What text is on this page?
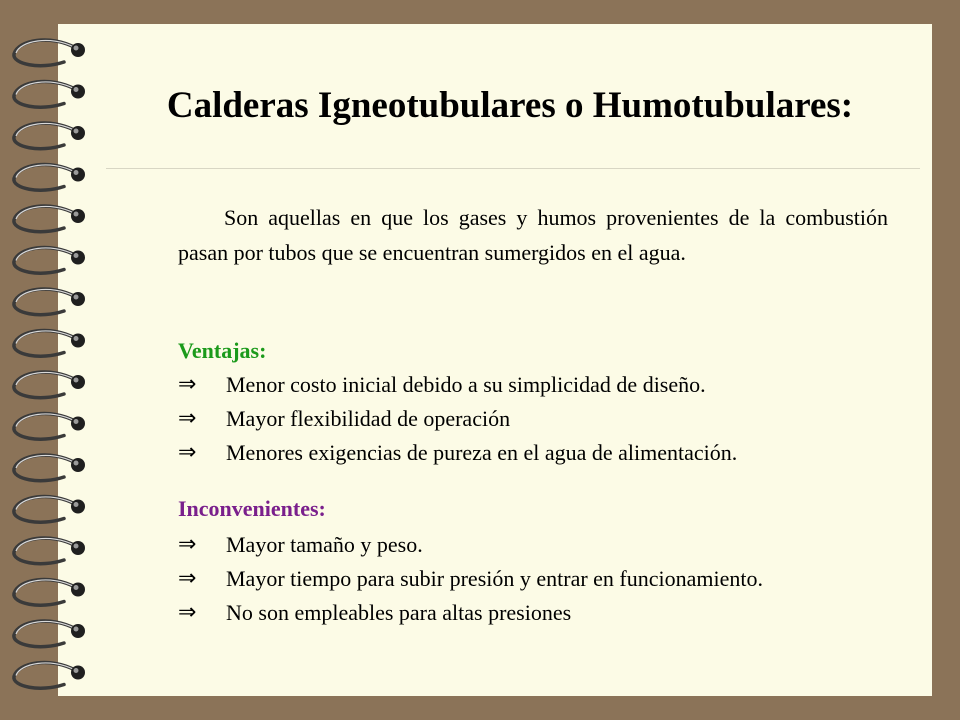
Calderas Igneotubulares o Humotubulares:

Son aquellas en que los gases y humos provenientes de la combustión pasan por tubos que se encuentran sumergidos en el agua.

Ventajas:
⇒	Menor costo inicial debido a su simplicidad de diseño.
⇒	Mayor flexibilidad de operación
⇒	Menores exigencias de pureza en el agua de alimentación.
Inconvenientes:
⇒	Mayor tamaño y peso.
⇒	Mayor tiempo para subir presión y entrar en funcionamiento.
⇒	No son empleables para altas presiones
